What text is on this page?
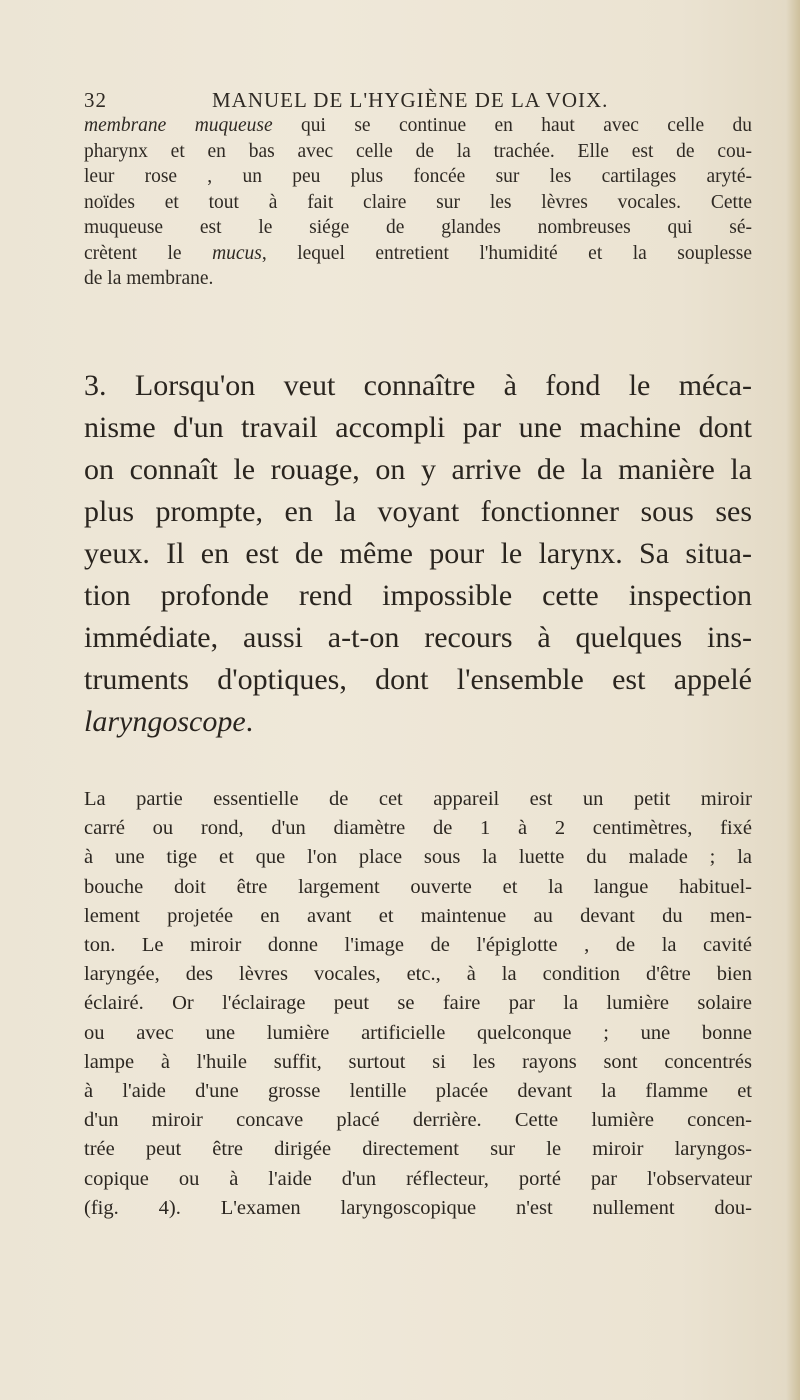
32	MANUEL DE L'HYGIÈNE DE LA VOIX.
membrane muqueuse qui se continue en haut avec celle du
pharynx et en bas avec celle de la trachée. Elle est de cou-
leur rose , un peu plus foncée sur les cartilages aryté-
noïdes et tout à fait claire sur les lèvres vocales. Cette
muqueuse est le siége de glandes nombreuses qui sé-
crètent le mucus, lequel entretient l'humidité et la souplesse
de la membrane.
3. Lorsqu'on veut connaître à fond le méca-
nisme d'un travail accompli par une machine dont
on connaît le rouage, on y arrive de la manière la
plus prompte, en la voyant fonctionner sous ses
yeux. Il en est de même pour le larynx. Sa situa-
tion profonde rend impossible cette inspection
immédiate, aussi a-t-on recours à quelques ins-
truments d'optiques, dont l'ensemble est appelé
laryngoscope.
La partie essentielle de cet appareil est un petit miroir
carré ou rond, d'un diamètre de 1 à 2 centimètres, fixé
à une tige et que l'on place sous la luette du malade ; la
bouche doit être largement ouverte et la langue habituel-
lement projetée en avant et maintenue au devant du men-
ton. Le miroir donne l'image de l'épiglotte , de la cavité
laryngée, des lèvres vocales, etc., à la condition d'être bien
éclairé. Or l'éclairage peut se faire par la lumière solaire
ou avec une lumière artificielle quelconque ; une bonne
lampe à l'huile suffit, surtout si les rayons sont concentrés
à l'aide d'une grosse lentille placée devant la flamme et
d'un miroir concave placé derrière. Cette lumière concen-
trée peut être dirigée directement sur le miroir laryngos-
copique ou à l'aide d'un réflecteur, porté par l'observateur
(fig. 4). L'examen laryngoscopique n'est nullement dou-
